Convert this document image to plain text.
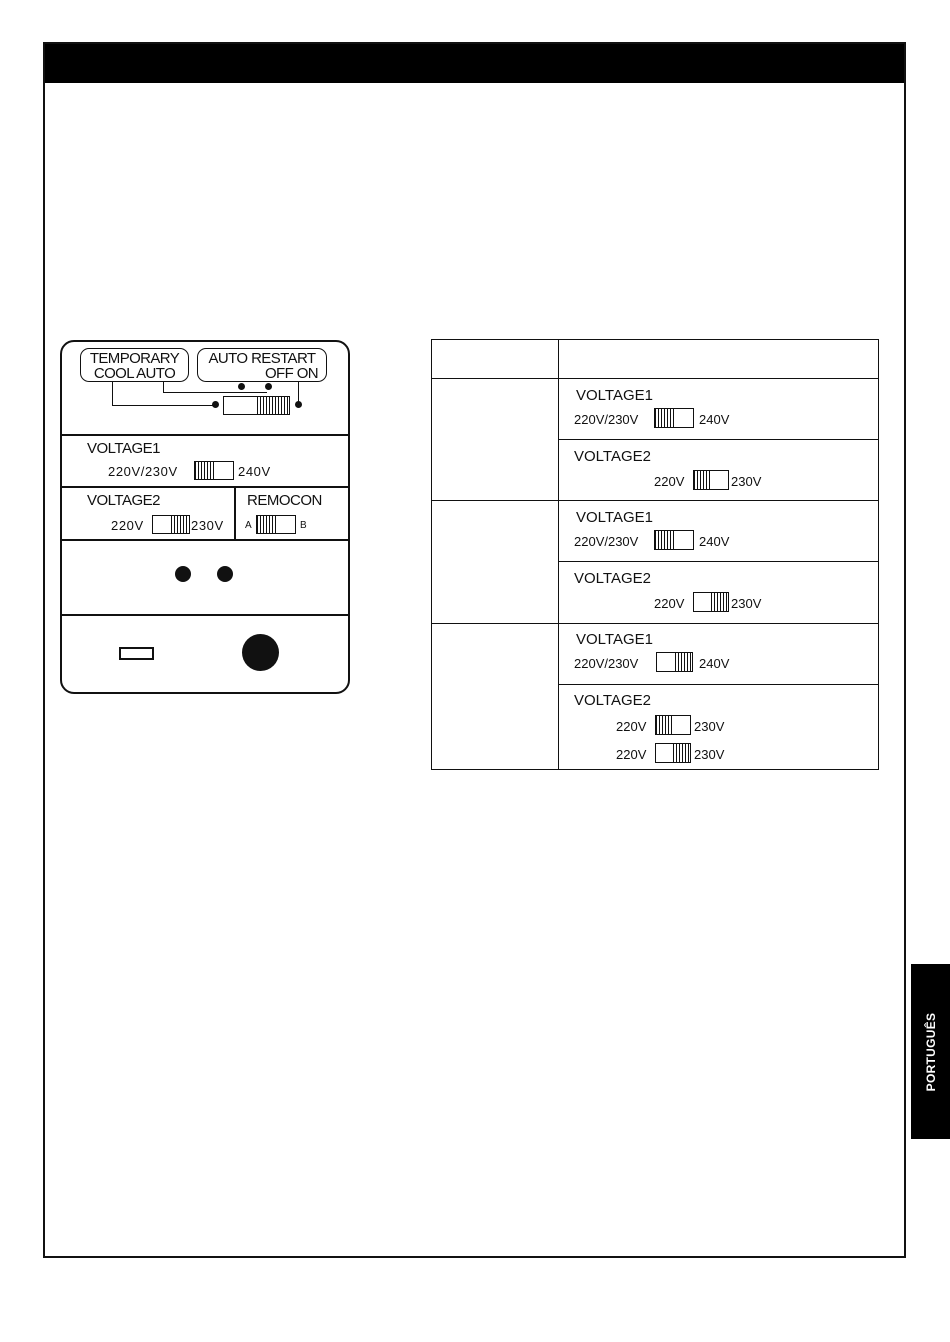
PORTUGUÊS
TEMPORARY
COOL AUTO
AUTO RESTART
OFF ON
VOLTAGE1
220V/230V	240V
VOLTAGE2
220V	230V
REMOCON
A	B
VOLTAGE1
220V/230V	240V
VOLTAGE2
220V	230V
VOLTAGE1
220V/230V	240V
VOLTAGE2
220V	230V
VOLTAGE1
220V/230V	240V
VOLTAGE2
220V	230V
220V	230V
